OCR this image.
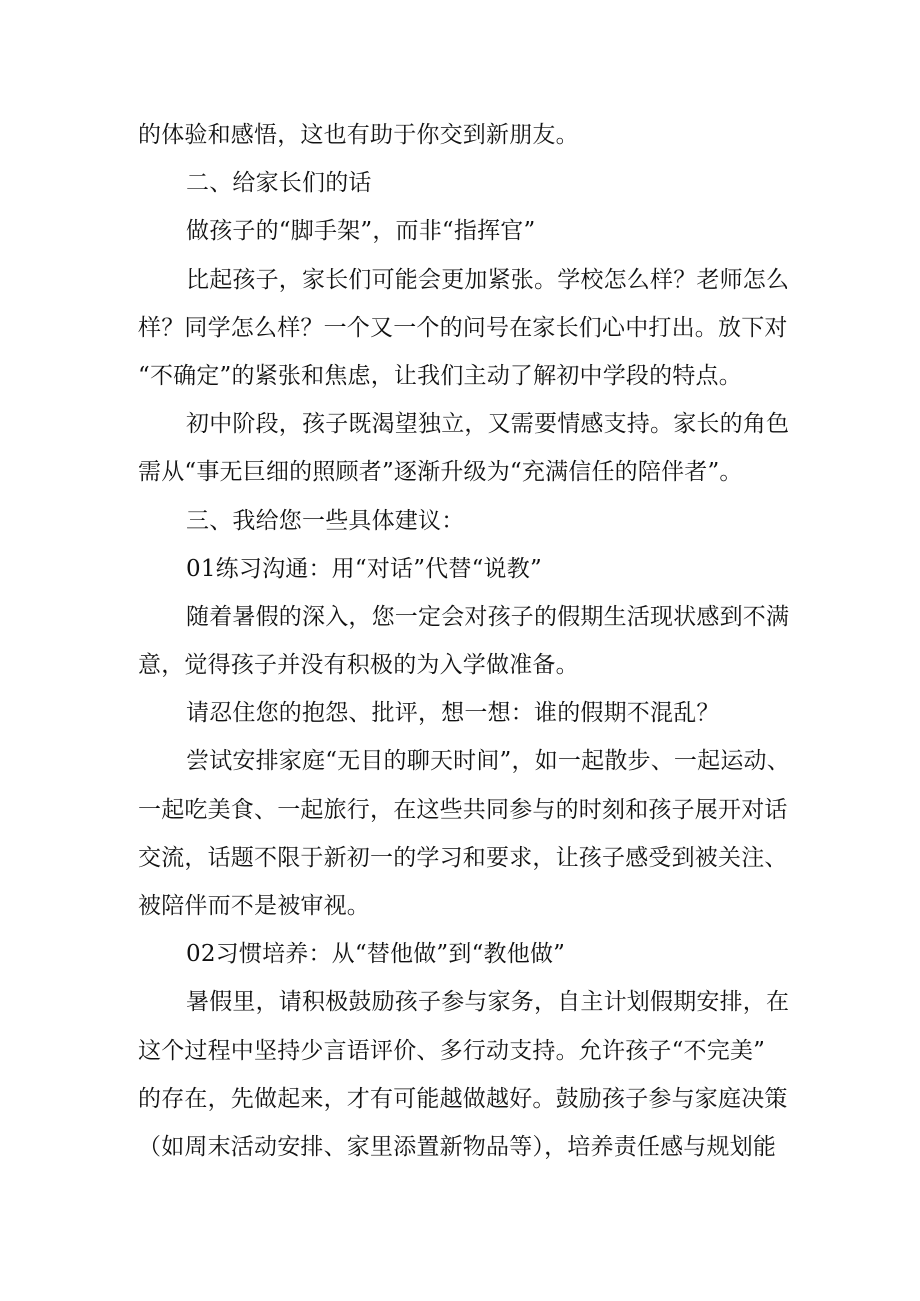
的体验和感悟，这也有助于你交到新朋友。
二、给家长们的话
做孩子的“脚手架”，而非“指挥官”
比起孩子，家长们可能会更加紧张。学校怎么样？老师怎么
样？同学怎么样？一个又一个的问号在家长们心中打出。放下对
“不确定”的紧张和焦虑，让我们主动了解初中学段的特点。
初中阶段，孩子既渴望独立，又需要情感支持。家长的角色
需从“事无巨细的照顾者”逐渐升级为“充满信任的陪伴者”。
三、我给您一些具体建议：
01练习沟通：用“对话”代替“说教”
随着暑假的深入，您一定会对孩子的假期生活现状感到不满
意，觉得孩子并没有积极的为入学做准备。
请忍住您的抱怨、批评，想一想：谁的假期不混乱？
尝试安排家庭“无目的聊天时间”，如一起散步、一起运动、
一起吃美食、一起旅行，在这些共同参与的时刻和孩子展开对话
交流，话题不限于新初一的学习和要求，让孩子感受到被关注、
被陪伴而不是被审视。
02习惯培养：从“替他做”到“教他做”
暑假里，请积极鼓励孩子参与家务，自主计划假期安排，在
这个过程中坚持少言语评价、多行动支持。允许孩子“不完美”
的存在，先做起来，才有可能越做越好。鼓励孩子参与家庭决策
（如周末活动安排、家里添置新物品等），培养责任感与规划能
